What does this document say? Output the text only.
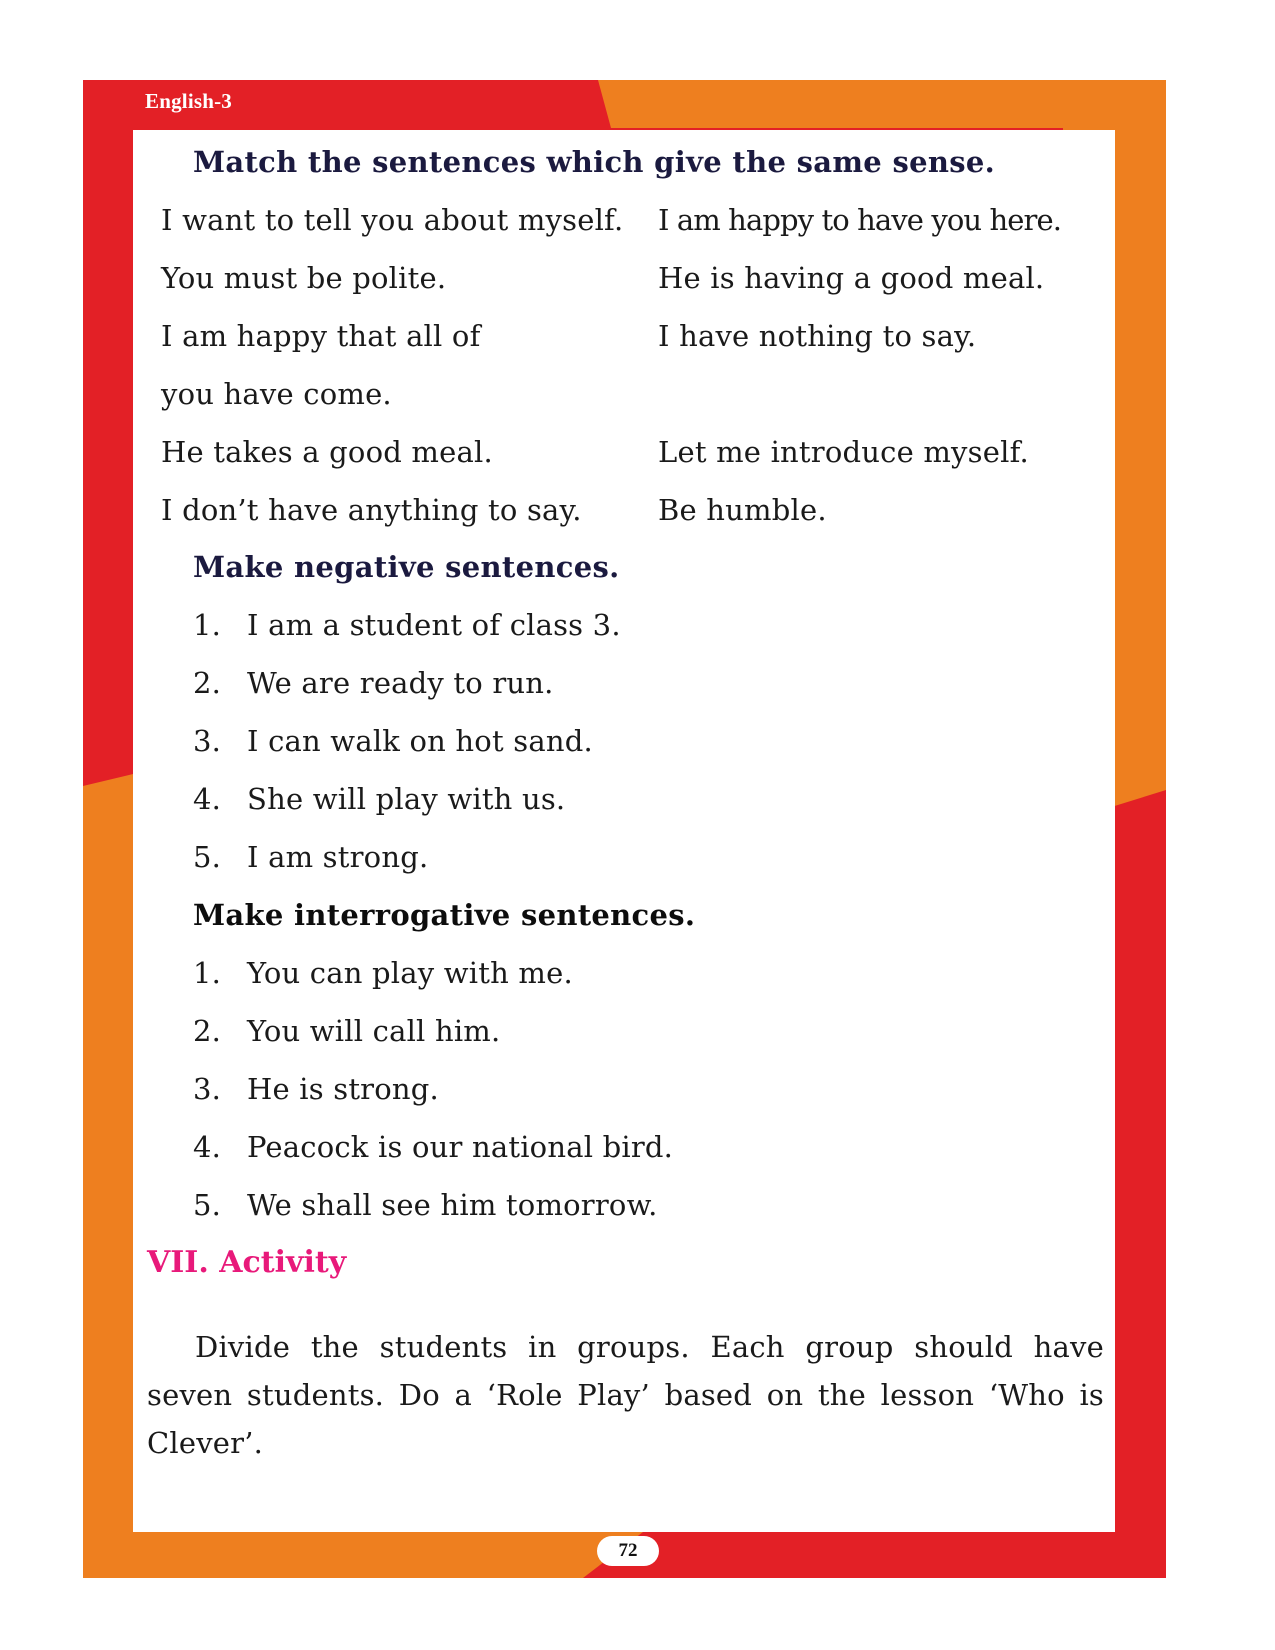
English-3
Match the sentences which give the same sense.
I want to tell you about myself.
You must be polite.
I am happy that all of
you have come.
He takes a good meal.
I don’t have anything to say.
I am happy to have you here.
He is having a good meal.
I have nothing to say.
Let me introduce myself.
Be humble.
Make negative sentences.
1. I am a student of class 3.
2. We are ready to run.
3. I can walk on hot sand.
4. She will play with us.
5. I am strong.
Make interrogative sentences.
1. You can play with me.
2. You will call him.
3. He is strong.
4. Peacock is our national bird.
5. We shall see him tomorrow.
VII. Activity
Divide the students in groups. Each group should have seven students. Do a ‘Role Play’ based on the lesson ‘Who is Clever’.
72
